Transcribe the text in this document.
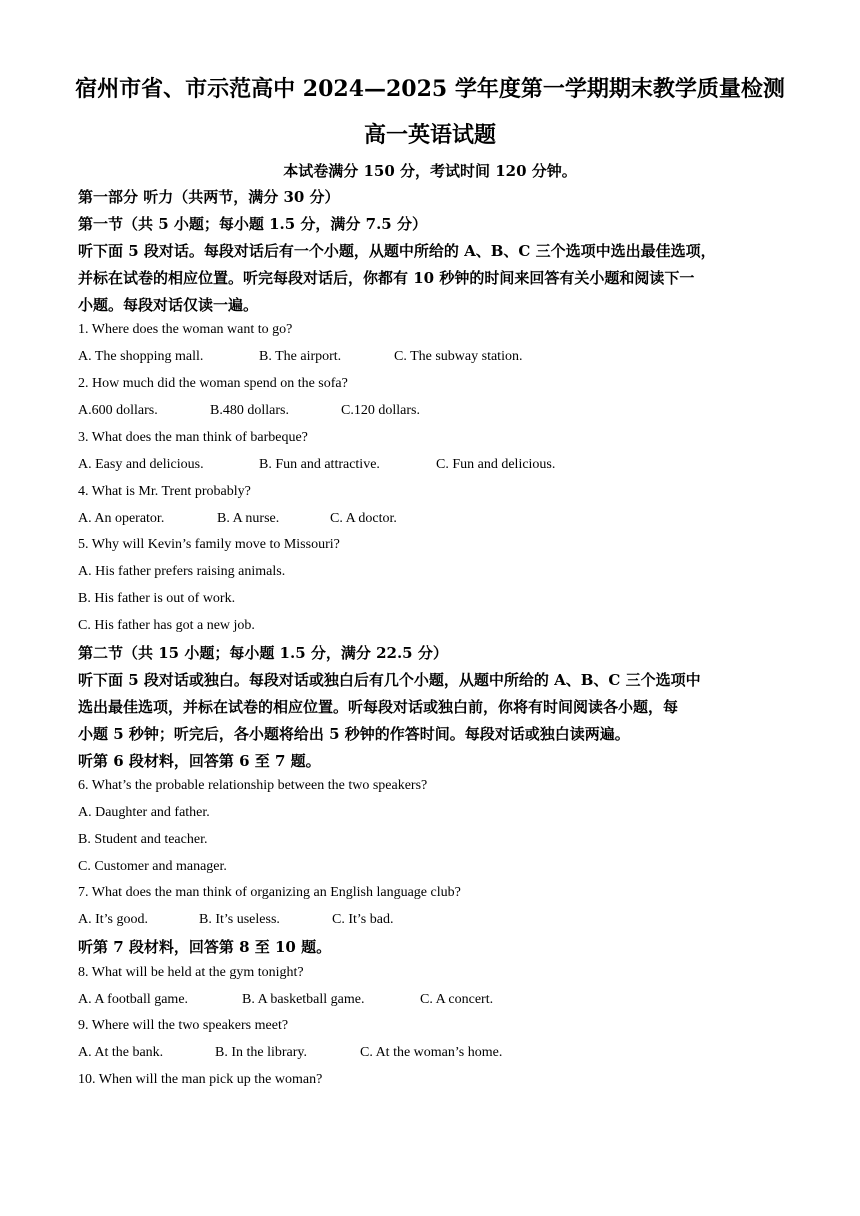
宿州市省、市示范高中 2024—2025 学年度第一学期期末教学质量检测
高一英语试题
本试卷满分 150 分，考试时间 120 分钟。
第一部分 听力（共两节，满分 30 分）
第一节（共 5 小题；每小题 1.5 分，满分 7.5 分）
听下面 5 段对话。每段对话后有一个小题，从题中所给的 A、B、C 三个选项中选出最佳选项，
并标在试卷的相应位置。听完每段对话后，你都有 10 秒钟的时间来回答有关小题和阅读下一
小题。每段对话仅读一遍。
1. Where does the woman want to go?
A. The shopping mall.	B. The airport.	C. The subway station.
2. How much did the woman spend on the sofa?
A.600 dollars.	B.480 dollars.	C.120 dollars.
3. What does the man think of barbeque?
A. Easy and delicious.	B. Fun and attractive.	C. Fun and delicious.
4. What is Mr. Trent probably?
A. An operator.	B. A nurse.	C. A doctor.
5. Why will Kevin’s family move to Missouri?
A. His father prefers raising animals.
B. His father is out of work.
C. His father has got a new job.
第二节（共 15 小题；每小题 1.5 分，满分 22.5 分）
听下面 5 段对话或独白。每段对话或独白后有几个小题，从题中所给的 A、B、C 三个选项中
选出最佳选项，并标在试卷的相应位置。听每段对话或独白前，你将有时间阅读各小题，每
小题 5 秒钟；听完后，各小题将给出 5 秒钟的作答时间。每段对话或独白读两遍。
听第 6 段材料，回答第 6 至 7 题。
6. What’s the probable relationship between the two speakers?
A. Daughter and father.
B. Student and teacher.
C. Customer and manager.
7. What does the man think of organizing an English language club?
A. It’s good.	B. It’s useless.	C. It’s bad.
听第 7 段材料，回答第 8 至 10 题。
8. What will be held at the gym tonight?
A. A football game.	B. A basketball game.	C. A concert.
9. Where will the two speakers meet?
A. At the bank.	B. In the library.	C. At the woman’s home.
10. When will the man pick up the woman?
